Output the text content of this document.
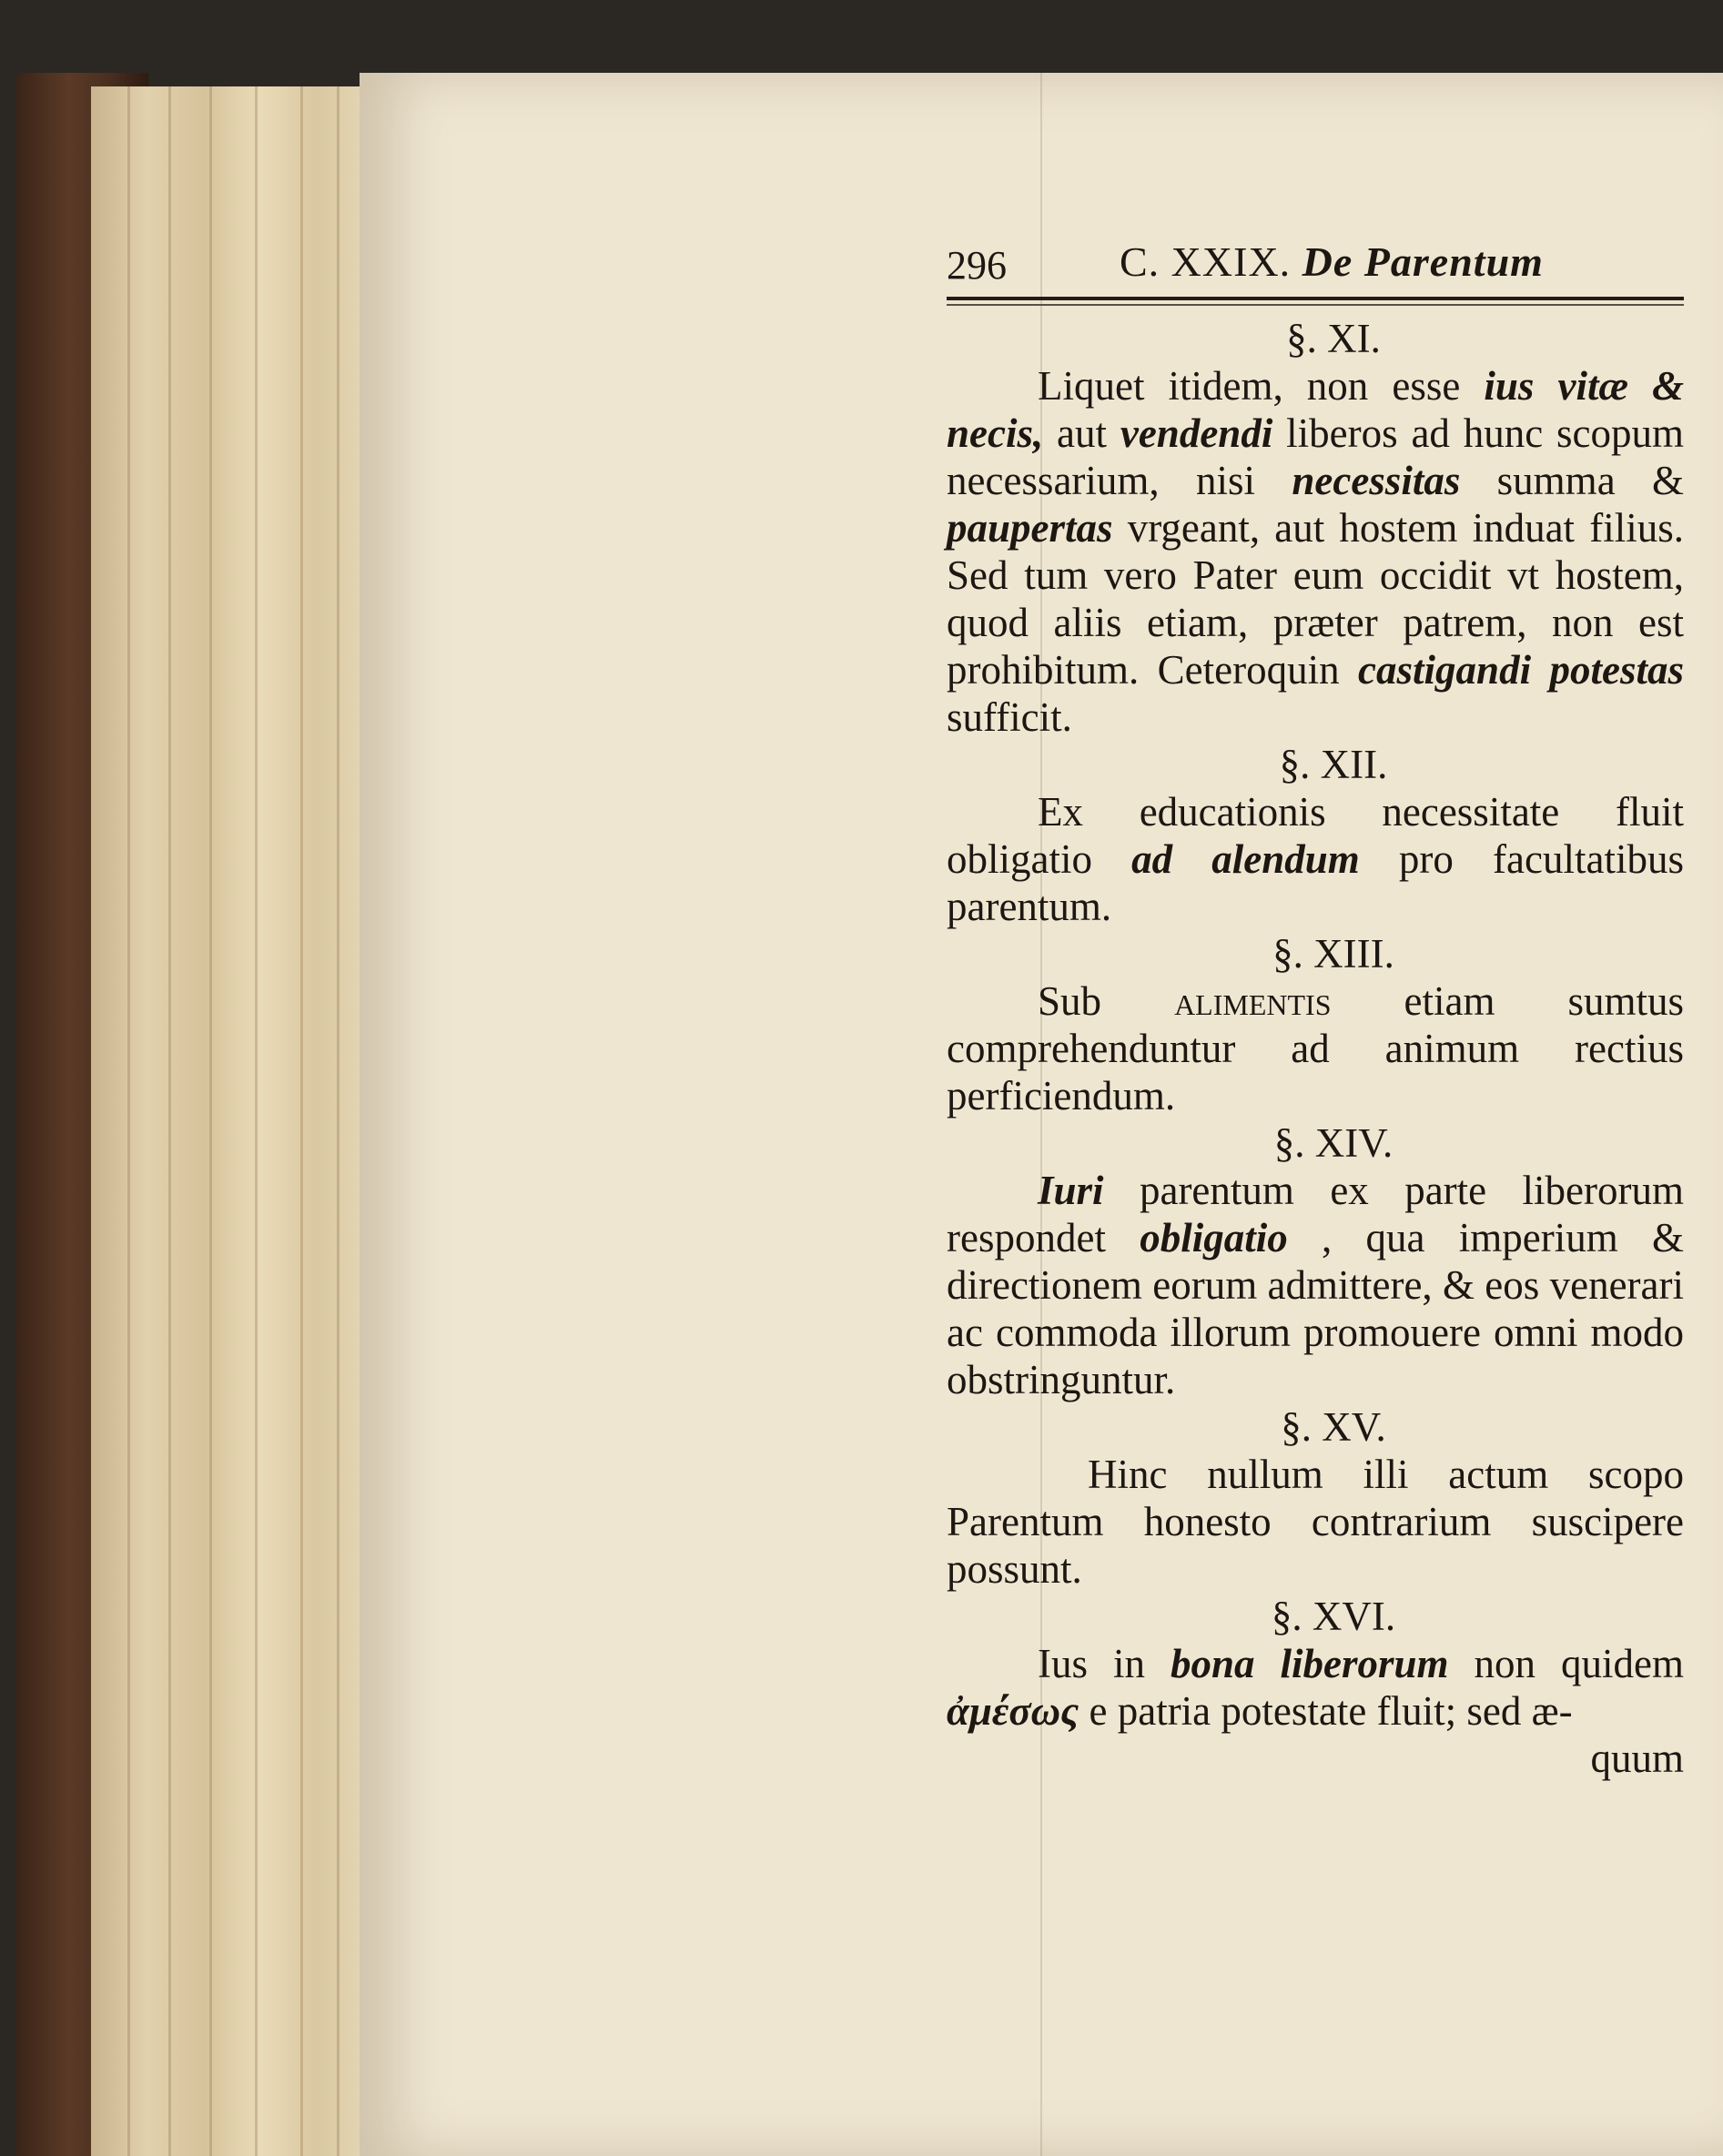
296	C. XXIX. De Parentum
§. XI.
Liquet itidem, non esse ius vitæ & necis, aut vendendi liberos ad hunc scopum necessarium, nisi necessitas summa & paupertas vrgeant, aut hostem induat filius. Sed tum vero Pater eum occidit vt hostem, quod aliis etiam, præter patrem, non est prohibitum. Ceteroquin castigandi potestas sufficit.
§. XII.
Ex educationis necessitate fluit obligatio ad alendum pro facultatibus parentum.
§. XIII.
Sub alimentis etiam sumtus comprehenduntur ad animum rectius perficiendum.
§. XIV.
Iuri parentum ex parte liberorum respondet obligatio , qua imperium & directionem eorum admittere, & eos venerari ac commoda illorum promouere omni modo obstringuntur.
§. XV.
Hinc nullum illi actum scopo Parentum honesto contrarium suscipere possunt.
§. XVI.
Ius in bona liberorum non quidem ἀμέσως e patria potestate fluit; sed æ-
quum
